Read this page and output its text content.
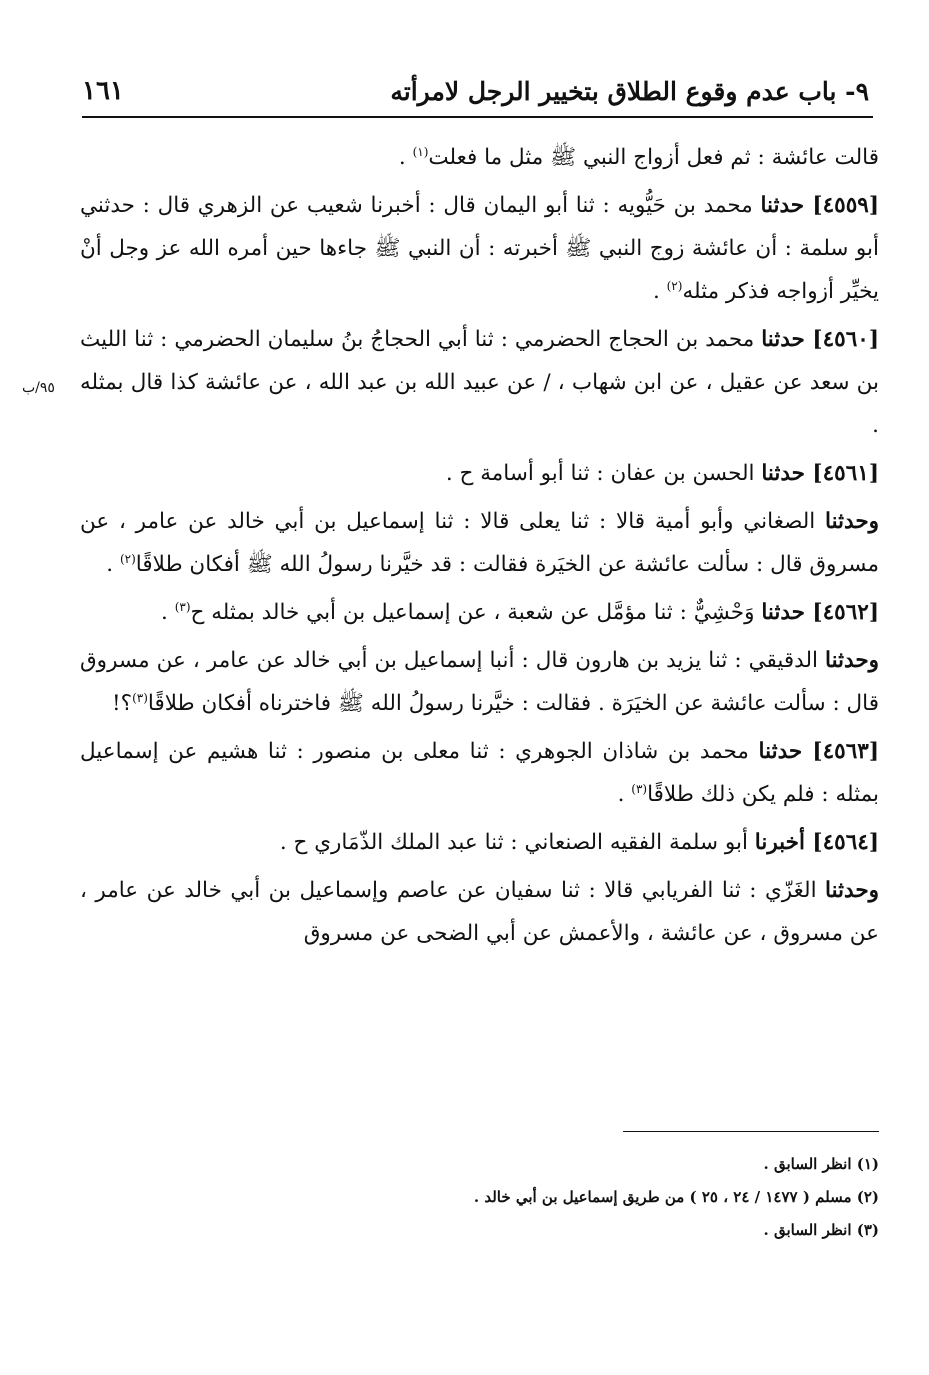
٩- باب عدم وقوع الطلاق بتخيير الرجل لامرأته
١٦١
٩٥/ب

قالت عائشة : ثم فعل أزواج النبي ﷺ مثل ما فعلت$^{(١)}$ .

[٤٥٥٩] حدثنا محمد بن حَيُّويه : ثنا أبو اليمان قال : أخبرنا شعيب عن الزهري قال : حدثني أبو سلمة : أن عائشة زوج النبي ﷺ أخبرته : أن النبي ﷺ جاءها حين أمره الله عز وجل أنْ يخيِّر أزواجه فذكر مثله$^{(٢)}$ .

[٤٥٦٠] حدثنا محمد بن الحجاج الحضرمي : ثنا أبي الحجاجُ بنُ سليمان الحضرمي : ثنا الليث بن سعد عن عقيل ، عن ابن شهاب ، / عن عبيد الله بن عبد الله ، عن عائشة كذا قال بمثله .

[٤٥٦١] حدثنا الحسن بن عفان : ثنا أبو أسامة ح .

وحدثنا الصغاني وأبو أمية قالا : ثنا يعلى قالا : ثنا إسماعيل بن أبي خالد عن عامر ، عن مسروق قال : سألت عائشة عن الخيَرة فقالت : قد خيَّرنا رسولُ الله ﷺ أفكان طلاقًا$^{(٢)}$ .

[٤٥٦٢] حدثنا وَحْشِيٌّ : ثنا مؤمَّل عن شعبة ، عن إسماعيل بن أبي خالد بمثله ح$^{(٣)}$ .

وحدثنا الدقيقي : ثنا يزيد بن هارون قال : أنبا إسماعيل بن أبي خالد عن عامر ، عن مسروق قال : سألت عائشة عن الخيَرَة . فقالت : خيَّرنا رسولُ الله ﷺ فاخترناه أفكان طلاقًا$^{(٣)}$؟!

[٤٥٦٣] حدثنا محمد بن شاذان الجوهري : ثنا معلى بن منصور : ثنا هشيم عن إسماعيل بمثله : فلم يكن ذلك طلاقًا$^{(٣)}$ .

[٤٥٦٤] أخبرنا أبو سلمة الفقيه الصنعاني : ثنا عبد الملك الذّمَاري ح .

وحدثنا الغَزّي : ثنا الفريابي قالا : ثنا سفيان عن عاصم وإسماعيل بن أبي خالد عن عامر ، عن مسروق ، عن عائشة ، والأعمش عن أبي الضحى عن مسروق

(١) انظر السابق .
(٢) مسلم ( ١٤٧٧ / ٢٤ ، ٢٥ ) من طريق إسماعيل بن أبي خالد .
(٣) انظر السابق .
